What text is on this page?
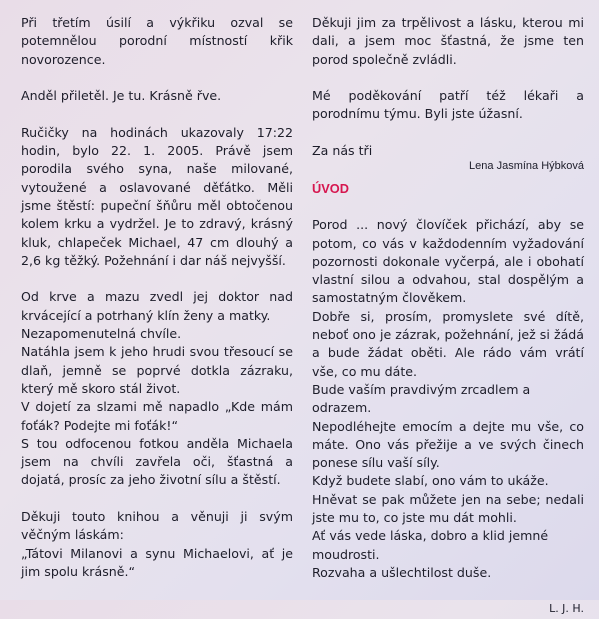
Při třetím úsilí a výkřiku ozval se potemnělou porodní místností křik novorozence.

Anděl přiletěl. Je tu. Krásně řve.

Ručičky na hodinách ukazovaly 17:22 hodin, bylo 22. 1. 2005. Právě jsem porodila svého syna, naše milované, vytoužené a oslavované děťátko. Měli jsme štěstí: pupeční šňůru měl obtočenou kolem krku a vydržel. Je to zdravý, krásný kluk, chlapeček Michael, 47 cm dlouhý a 2,6 kg těžký. Požehnání i dar náš nejvyšší.

Od krve a mazu zvedl jej doktor nad krvácející a potrhaný klín ženy a matky.

Nezapomenutelná chvíle.

Natáhla jsem k jeho hrudi svou třesoucí se dlaň, jemně se poprvé dotkla zázraku, který mě skoro stál život.

V dojetí za slzami mě napadlo „Kde mám foťák? Podejte mi foťák!“

S tou odfocenou fotkou anděla Michaela jsem na chvíli zavřela oči, šťastná a dojatá, prosíc za jeho životní sílu a štěstí.

Děkuji touto knihou a věnuji ji svým věčným láskám:

„Tátovi Milanovi a synu Michaelovi, ať je jim spolu krásně.“

Děkuji jim za trpělivost a lásku, kterou mi dali, a jsem moc šťastná, že jsme ten porod společně zvládli.

Mé poděkování patří též lékaři a porodnímu týmu. Byli jste úžasní.

Za nás tři

Lena Jasmína Hýbková

ÚVOD

Porod ... nový človíček přichází, aby se potom, co vás v každodenním vyžadování pozornosti dokonale vyčerpá, ale i obohatí vlastní silou a odvahou, stal dospělým a samostatným člověkem.

Dobře si, prosím, promyslete své dítě, neboť ono je zázrak, požehnání, jež si žádá a bude žádat oběti. Ale rádo vám vrátí vše, co mu dáte.

Bude vaším pravdivým zrcadlem a odrazem.

Nepodléhejte emocím a dejte mu vše, co máte. Ono vás přežije a ve svých činech ponese sílu vaší síly.

Když budete slabí, ono vám to ukáže.

Hněvat se pak můžete jen na sebe; nedali jste mu to, co jste mu dát mohli.

Ať vás vede láska, dobro a klid jemné moudrosti.

Rozvaha a ušlechtilost duše.

L. J. H.
